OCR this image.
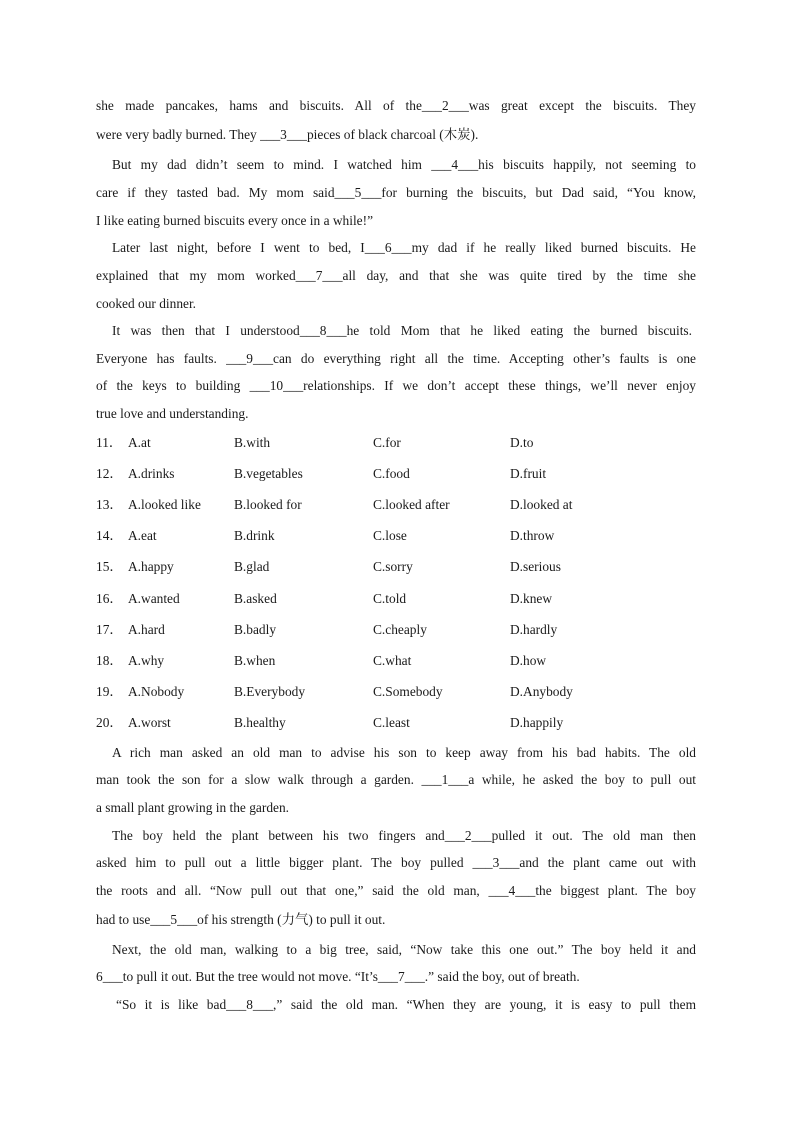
she made pancakes, hams and biscuits. All of the___2___was great except the biscuits. They
were very badly burned. They ___3___pieces of black charcoal (木炭).
But my dad didn’t seem to mind. I watched him ___4___his biscuits happily, not seeming to
care if they tasted bad. My mom said___5___for burning the biscuits, but Dad said, “You know,
I like eating burned biscuits every once in a while!”
Later last night, before I went to bed, I___6___my dad if he really liked burned biscuits. He
explained that my mom worked___7___all day, and that she was quite tired by the time she
cooked our dinner.
It was then that I understood___8___he told Mom that he liked eating the burned biscuits.
Everyone has faults. ___9___can do everything right all the time. Accepting other’s faults is one
of the keys to building ___10___relationships. If we don’t accept these things, we’ll never enjoy
true love and understanding.
11． A.at	B.with	C.for	D.to
12． A.drinks	B.vegetables	C.food	D.fruit
13． A.looked like B.looked for	C.looked after	D.looked at
14． A.eat	B.drink	C.lose	D.throw
15． A.happy	B.glad	C.sorry	D.serious
16． A.wanted	B.asked	C.told	D.knew
17． A.hard	B.badly	C.cheaply	D.hardly
18． A.why	B.when	C.what	D.how
19． A.Nobody	B.Everybody	C.Somebody	D.Anybody
20． A.worst	B.healthy	C.least	D.happily
A rich man asked an old man to advise his son to keep away from his bad habits. The old
man took the son for a slow walk through a garden. ___1___a while, he asked the boy to pull out
a small plant growing in the garden.
The boy held the plant between his two fingers and___2___pulled it out. The old man then
asked him to pull out a little bigger plant. The boy pulled ___3___and the plant came out with
the roots and all. “Now pull out that one,” said the old man, ___4___the biggest plant. The boy
had to use___5___of his strength (力气) to pull it out.
Next, the old man, walking to a big tree, said, “Now take this one out.” The boy held it and
6___to pull it out. But the tree would not move. “It’s___7___.” said the boy, out of breath.
“So it is like bad___8___,” said the old man. “When they are young, it is easy to pull them
